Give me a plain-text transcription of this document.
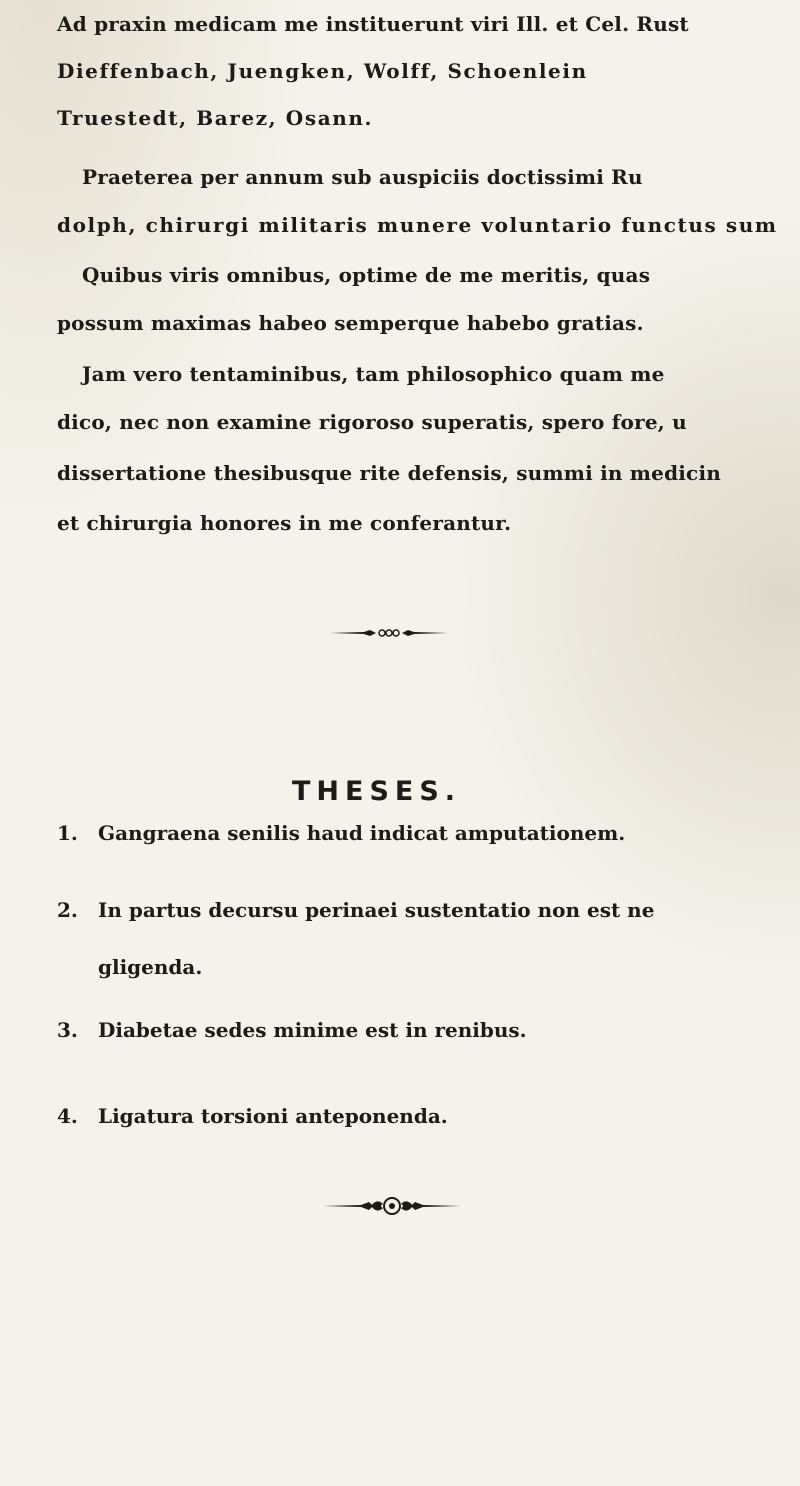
Ad praxin medicam me instituerunt viri Ill. et Cel. Rust
Dieffenbach, Juengken, Wolff, Schoenlein
Truestedt, Barez, Osann.
Praeterea per annum sub auspiciis doctissimi Ru
dolph, chirurgi militaris munere voluntario functus sum
Quibus viris omnibus, optime de me meritis, quas
possum maximas habeo semperque habebo gratias.
Jam vero tentaminibus, tam philosophico quam me
dico, nec non examine rigoroso superatis, spero fore, u
dissertatione thesibusque rite defensis, summi in medicin
et chirurgia honores in me conferantur.
THESES.
1. Gangraena senilis haud indicat amputationem.
2. In partus decursu perinaei sustentatio non est ne
gligenda.
3. Diabetae sedes minime est in renibus.
4. Ligatura torsioni anteponenda.
